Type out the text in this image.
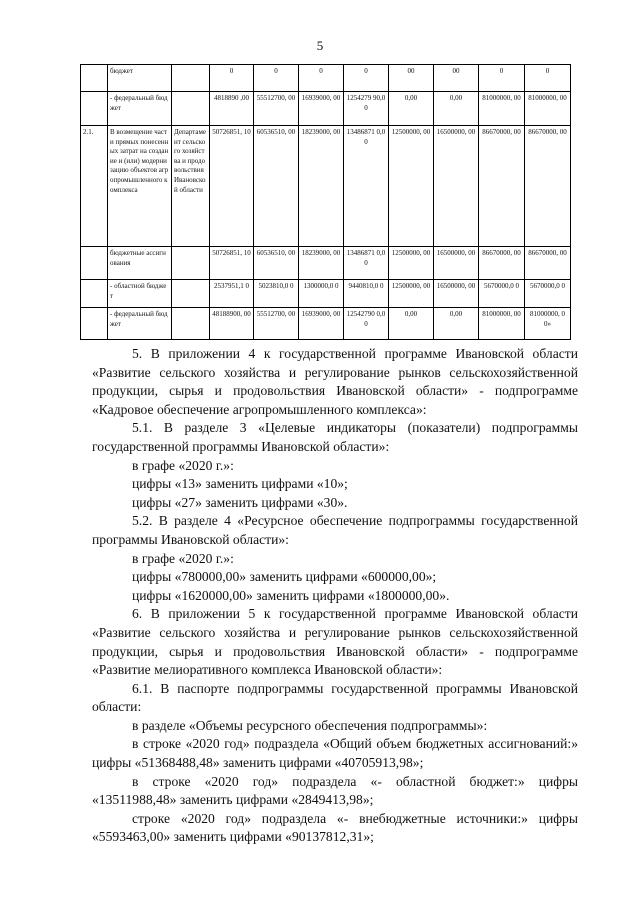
5
	бюджет		0	0	0	0	00	00	0	0
	- федеральный бюджет		4818890 ,00	55512700, 00	16939000, 00	1254279 90,00	0,00	0,00	81000000, 00	81000000, 00
2.1.	В возмещение части прямых понесенных затрат на создание и (или) модернизацию объектов агропромышленного комплекса	Департамент сельского хозяйства и продовольствия Ивановской области	50726851, 10	60536510, 00	18239000, 00	13486871 0,00	12500000, 00	16500000, 00	86670000, 00	86670000, 00
	бюджетные ассигнования		50726851, 10	60536510, 00	18239000, 00	13486871 0,00	12500000, 00	16500000, 00	86670000, 00	86670000, 00
	- областной бюджет		2537951,1 0	5023810,0 0	1300000,0 0	9440810,0 0	12500000, 00	16500000, 00	5670000,0 0	5670000,0 0
	- федеральный бюджет		48188900, 00	55512700, 00	16939000, 00	12542790 0,00	0,00	0,00	81000000, 00	81000000, 00»

5. В приложении 4 к государственной программе Ивановской области «Развитие сельского хозяйства и регулирование рынков сельскохозяйственной продукции, сырья и продовольствия Ивановской области» - подпрограмме «Кадровое обеспечение агропромышленного комплекса»:

5.1. В разделе 3 «Целевые индикаторы (показатели) подпрограммы государственной программы Ивановской области»:

в графе «2020 г.»:

цифры «13» заменить цифрами «10»;

цифры «27» заменить цифрами «30».

5.2. В разделе 4 «Ресурсное обеспечение подпрограммы государственной программы Ивановской области»:

в графе «2020 г.»:

цифры «780000,00» заменить цифрами «600000,00»;

цифры «1620000,00» заменить цифрами «1800000,00».

6. В приложении 5 к государственной программе Ивановской области «Развитие сельского хозяйства и регулирование рынков сельскохозяйственной продукции, сырья и продовольствия Ивановской области» - подпрограмме «Развитие мелиоративного комплекса Ивановской области»:

6.1. В паспорте подпрограммы государственной программы Ивановской области:

в разделе «Объемы ресурсного обеспечения подпрограммы»:

в строке «2020 год» подраздела «Общий объем бюджетных ассигнований:» цифры «51368488,48» заменить цифрами «40705913,98»;

в строке «2020 год» подраздела «- областной бюджет:» цифры «13511988,48» заменить цифрами «2849413,98»;

строке «2020 год» подраздела «- внебюджетные источники:» цифры «5593463,00» заменить цифрами «90137812,31»;
